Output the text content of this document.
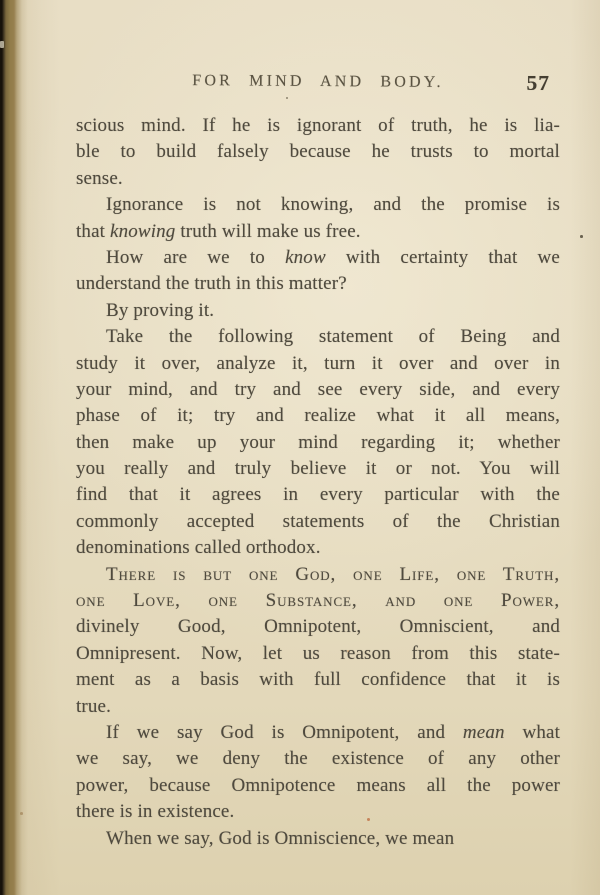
FOR MIND AND BODY.	57
scious mind. If he is ignorant of truth, he is lia-
ble to build falsely because he trusts to mortal
sense.
Ignorance is not knowing, and the promise is
that knowing truth will make us free.
How are we to know with certainty that we
understand the truth in this matter?
By proving it.
Take the following statement of Being and
study it over, analyze it, turn it over and over in
your mind, and try and see every side, and every
phase of it; try and realize what it all means,
then make up your mind regarding it; whether
you really and truly believe it or not. You will
find that it agrees in every particular with the
commonly accepted statements of the Christian
denominations called orthodox.
There is but one God, one Life, one Truth,
one Love, one Substance, and one Power,
divinely Good, Omnipotent, Omniscient, and
Omnipresent. Now, let us reason from this state-
ment as a basis with full confidence that it is
true.
If we say God is Omnipotent, and mean what
we say, we deny the existence of any other
power, because Omnipotence means all the power
there is in existence.
When we say, God is Omniscience, we mean
